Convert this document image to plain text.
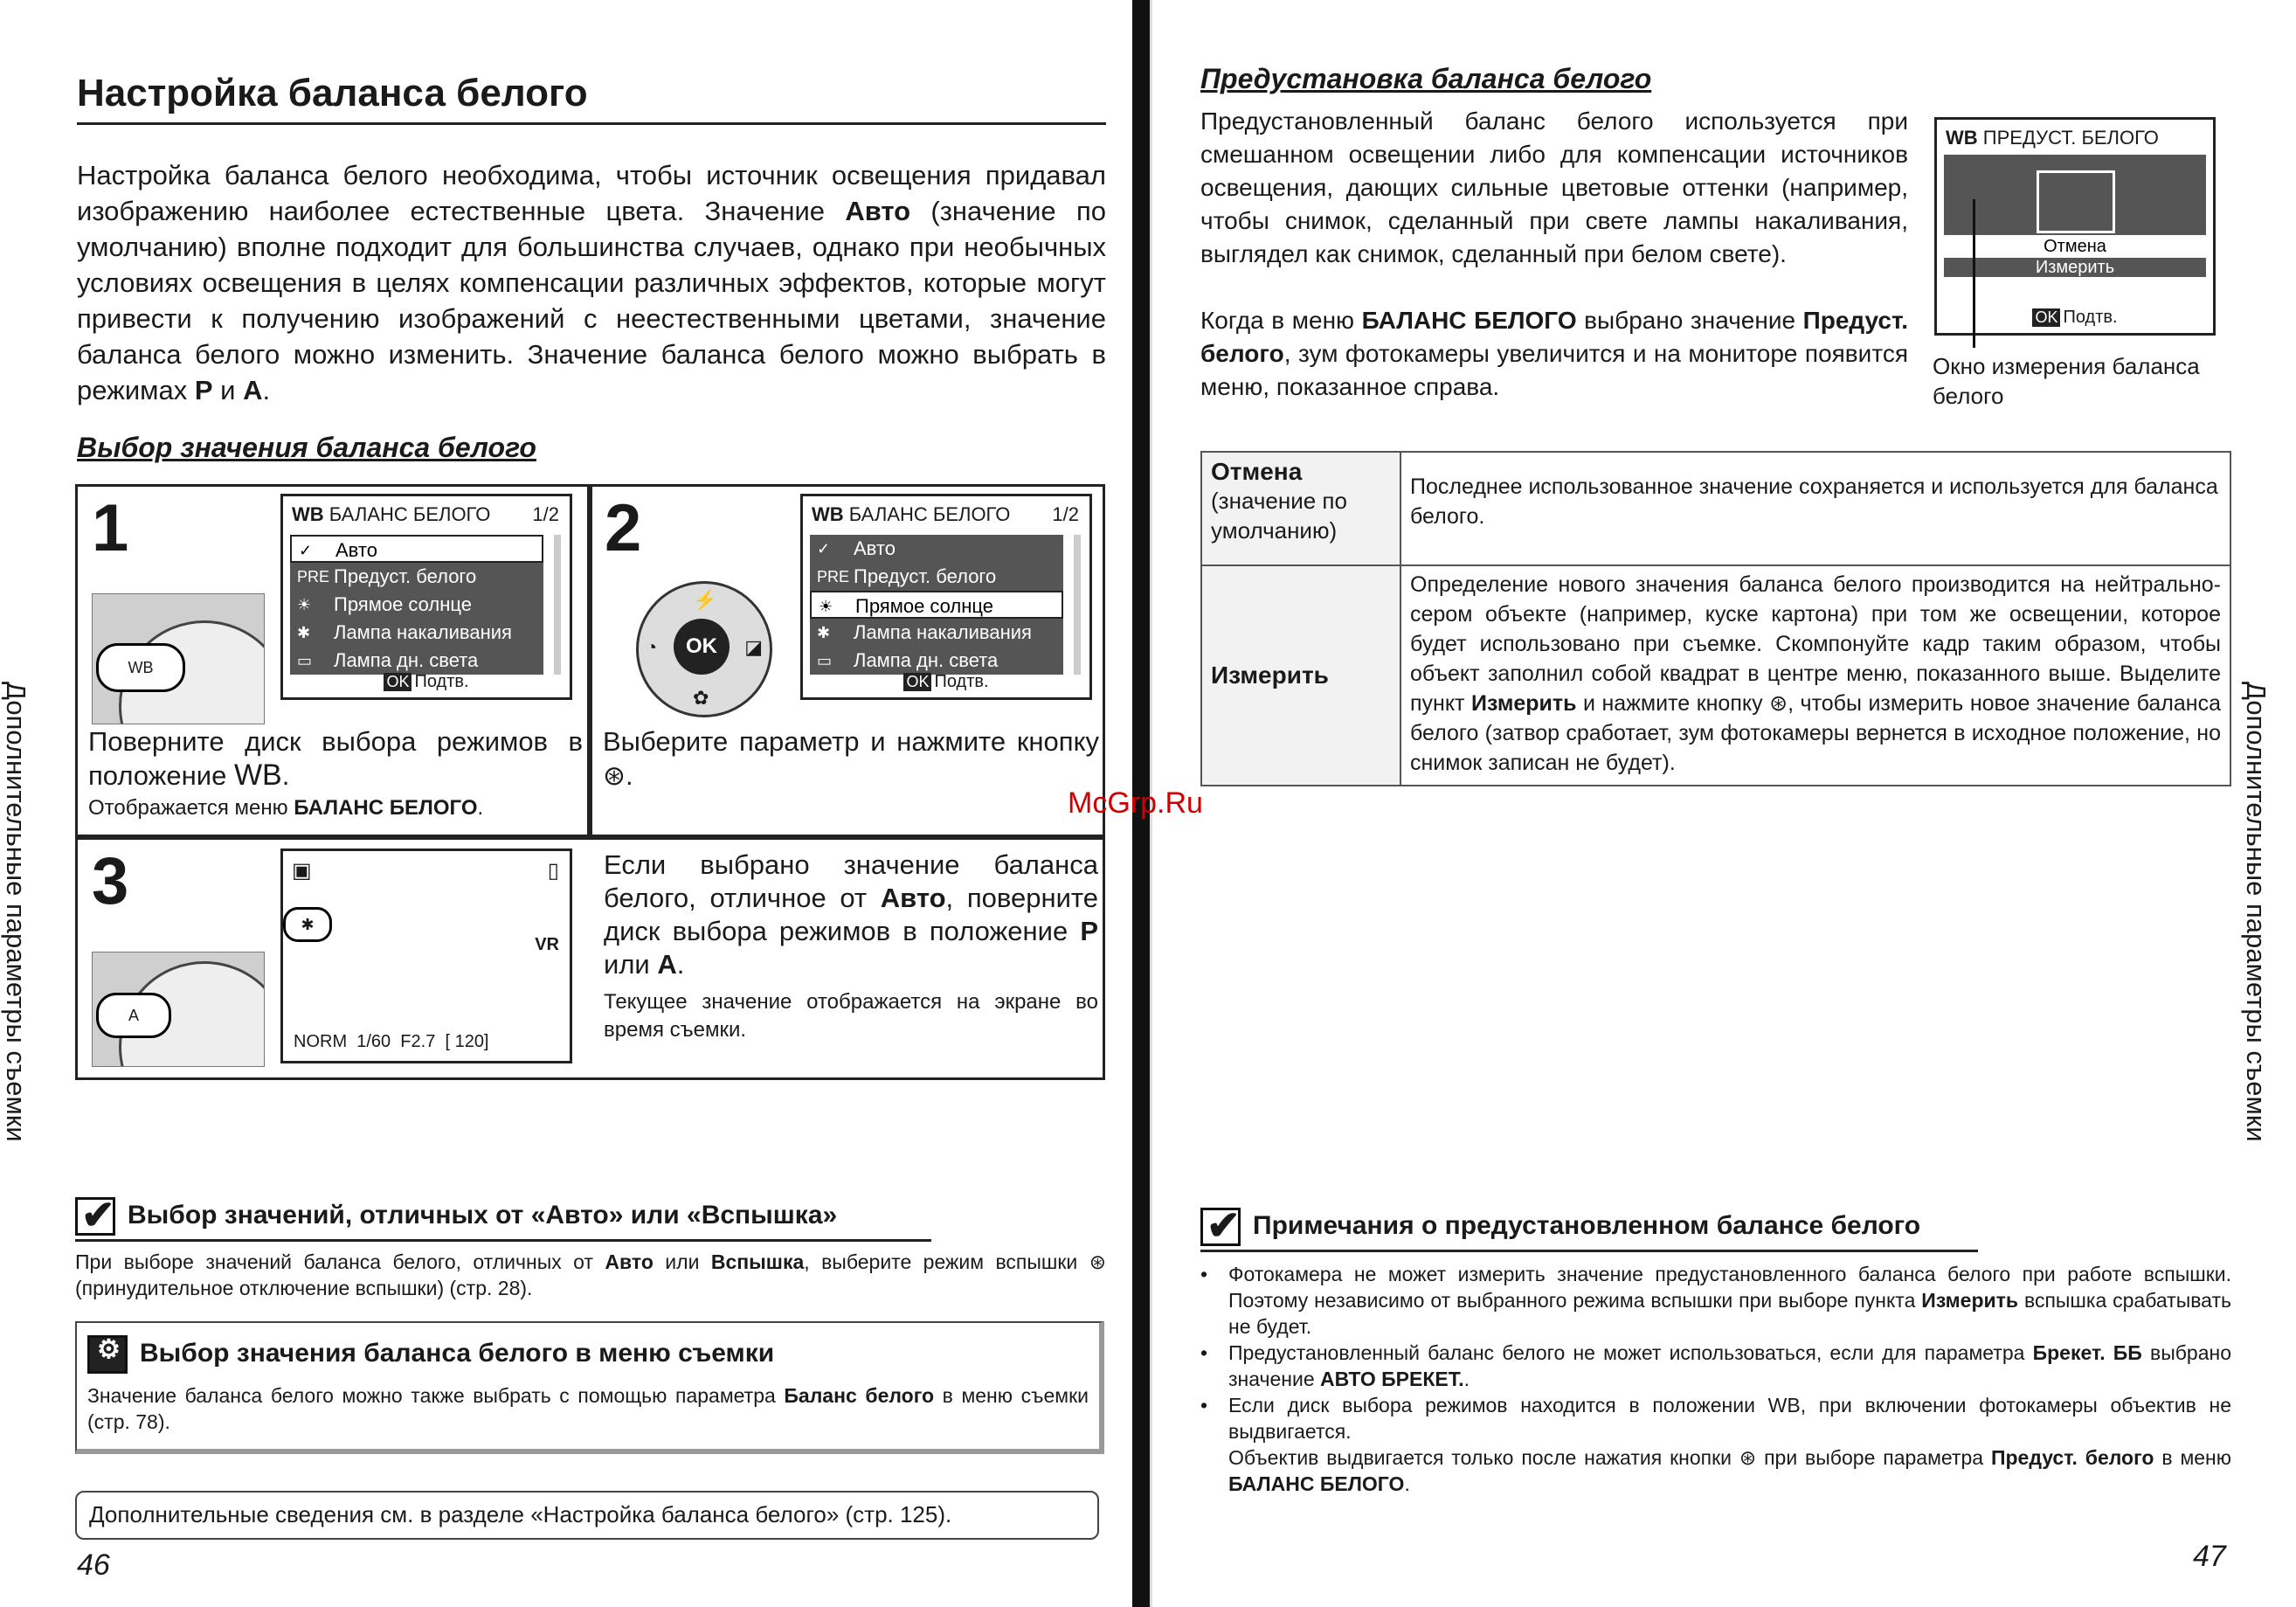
Настройка баланса белого
Настройка баланса белого необходима, чтобы источник освещения придавал изображению наиболее естественные цвета. Значение Авто (значение по умолчанию) вполне подходит для большинства случаев, однако при необычных условиях освещения в целях компенсации различных эффектов, которые могут привести к получению изображений с неестественными цветами, значение баланса белого можно изменить. Значение баланса белого можно выбрать в режимах P и A.
Выбор значения баланса белого
1
WB
WB БАЛАНС БЕЛОГО 1/2
✓ Авто
PRE Предуст. белого
☀ Прямое солнце
✱ Лампа накаливания
▭ Лампа дн. света
OK Подтв.
Поверните диск выбора режимов в положение WB.
Отображается меню БАЛАНС БЕЛОГО.
2
OK
⚡
✿
◔	◪
WB БАЛАНС БЕЛОГО 1/2
✓ Авто
PRE Предуст. белого
☀ Прямое солнце
✱ Лампа накаливания
▭ Лампа дн. света
OK Подтв.
Выберите параметр и нажмите кнопку ⊛.
3
A
▣	▯
✱
VR
NORM 1/60 F2.7 [ 120]
Если выбрано значение баланса белого, отличное от Авто, поверните диск выбора режимов в положение P или A.
Текущее значение отображается на экране во время съемки.
✔ Выбор значений, отличных от «Авто» или «Вспышка»
При выборе значений баланса белого, отличных от Авто или Вспышка, выберите режим вспышки ⊛ (принудительное отключение вспышки) (стр. 28).
⚙ Выбор значения баланса белого в меню съемки
Значение баланса белого можно также выбрать с помощью параметра Баланс белого в меню съемки (стр. 78).
Дополнительные сведения см. в разделе «Настройка баланса белого» (стр. 125).
46
Дополнительные параметры съемки
Предустановка баланса белого
Предустановленный баланс белого используется при смешанном освещении либо для компенсации источников освещения, дающих сильные цветовые оттенки (например, чтобы снимок, сделанный при свете лампы накаливания, выглядел как снимок, сделанный при белом свете).
Когда в меню БАЛАНС БЕЛОГО выбрано значение Предуст. белого, зум фотокамеры увеличится и на мониторе появится меню, показанное справа.
WB ПРЕДУСТ. БЕЛОГО
Отмена
Измерить
OK Подтв.
Окно измерения баланса белого
Отмена
(значение по умолчанию)	Последнее использованное значение сохраняется и используется для баланса белого.

Измерить	Определение нового значения баланса белого производится на нейтрально-сером объекте (например, куске картона) при том же освещении, которое будет использовано при съемке. Скомпонуйте кадр таким образом, чтобы объект заполнил собой квадрат в центре меню, показанного выше. Выделите пункт Измерить и нажмите кнопку ⊛, чтобы измерить новое значение баланса белого (затвор сработает, зум фотокамеры вернется в исходное положение, но снимок записан не будет).
McGrp.Ru
✔ Примечания о предустановленном балансе белого
• Фотокамера не может измерить значение предустановленного баланса белого при работе вспышки. Поэтому независимо от выбранного режима вспышки при выборе пункта Измерить вспышка срабатывать не будет.
• Предустановленный баланс белого не может использоваться, если для параметра Брекет. ББ выбрано значение АВТО БРЕКЕТ..
• Если диск выбора режимов находится в положении WB, при включении фотокамеры объектив не выдвигается.
Объектив выдвигается только после нажатия кнопки ⊛ при выборе параметра Предуст. белого в меню БАЛАНС БЕЛОГО.
47
Дополнительные параметры съемки
